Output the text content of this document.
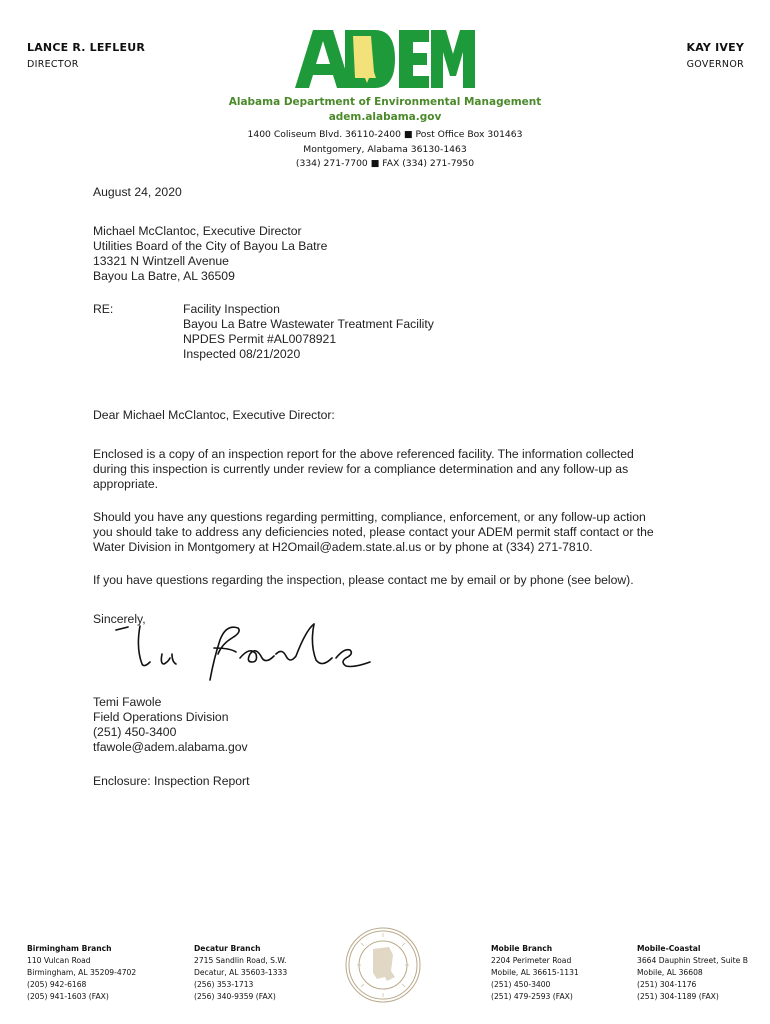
LANCE R. LEFLEUR
DIRECTOR
KAY IVEY
GOVERNOR
Alabama Department of Environmental Management
adem.alabama.gov
1400 Coliseum Blvd. 36110-2400 ■ Post Office Box 301463
Montgomery, Alabama 36130-1463
(334) 271-7700 ■ FAX (334) 271-7950
August 24, 2020
Michael McClantoc, Executive Director
Utilities Board of the City of Bayou La Batre
13321 N Wintzell Avenue
Bayou La Batre, AL 36509
RE:	Facility Inspection
Bayou La Batre Wastewater Treatment Facility
NPDES Permit #AL0078921
Inspected 08/21/2020
Dear Michael McClantoc, Executive Director:
Enclosed is a copy of an inspection report for the above referenced facility. The information collected
during this inspection is currently under review for a compliance determination and any follow-up as
appropriate.
Should you have any questions regarding permitting, compliance, enforcement, or any follow-up action
you should take to address any deficiencies noted, please contact your ADEM permit staff contact or the
Water Division in Montgomery at H2Omail@adem.state.al.us or by phone at (334) 271-7810.
If you have questions regarding the inspection, please contact me by email or by phone (see below).
Sincerely,
Temi Fawole
Field Operations Division
(251) 450-3400
tfawole@adem.alabama.gov
Enclosure: Inspection Report
Birmingham Branch
110 Vulcan Road
Birmingham, AL 35209-4702
(205) 942-6168
(205) 941-1603 (FAX)
Decatur Branch
2715 Sandlin Road, S.W.
Decatur, AL 35603-1333
(256) 353-1713
(256) 340-9359 (FAX)
Mobile Branch
2204 Perimeter Road
Mobile, AL 36615-1131
(251) 450-3400
(251) 479-2593 (FAX)
Mobile-Coastal
3664 Dauphin Street, Suite B
Mobile, AL 36608
(251) 304-1176
(251) 304-1189 (FAX)
